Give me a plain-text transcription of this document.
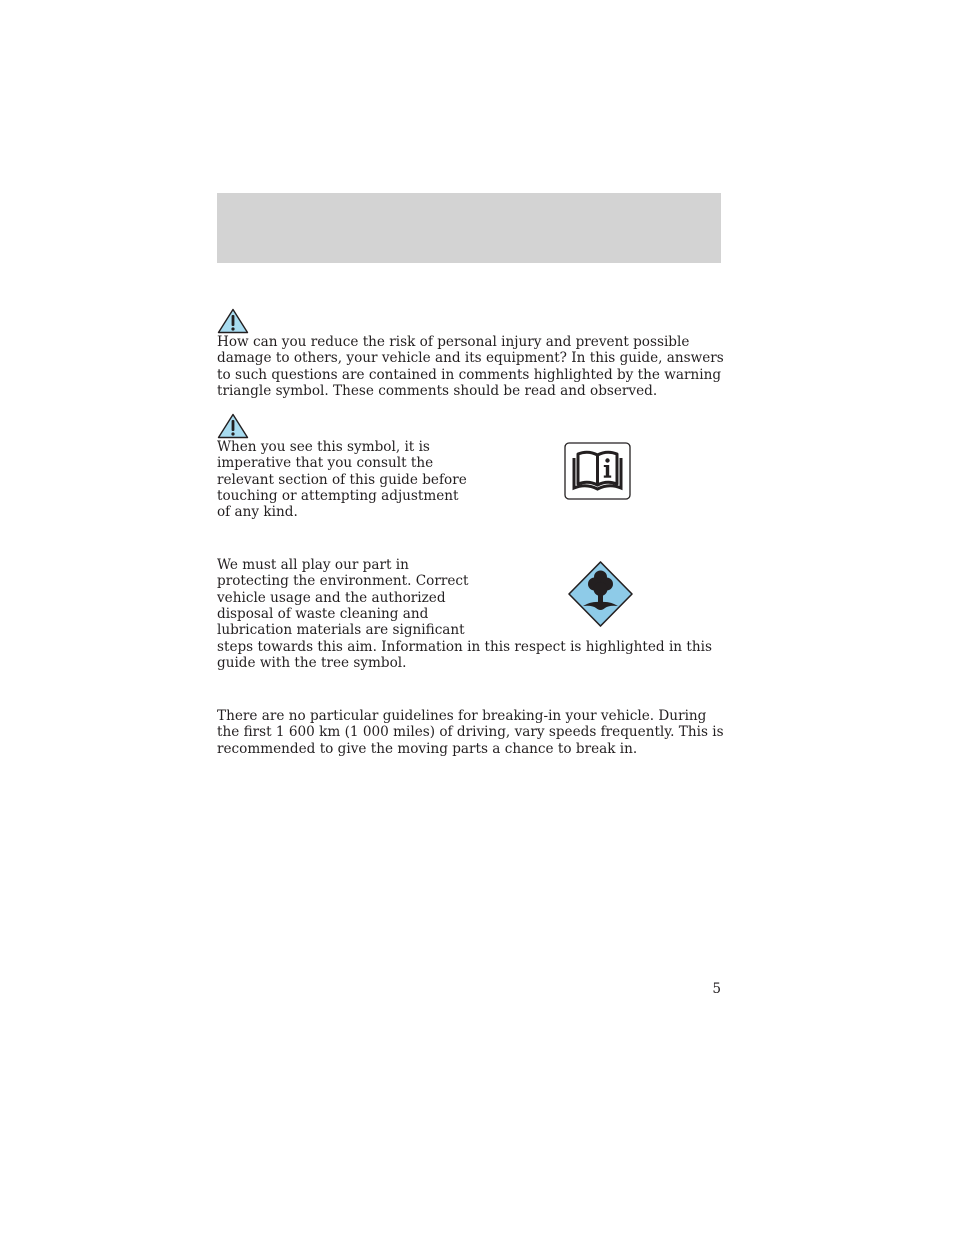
How can you reduce the risk of personal injury and prevent possible

damage to others, your vehicle and its equipment? In this guide, answers

to such questions are contained in comments highlighted by the warning

triangle symbol. These comments should be read and observed.

When you see this symbol, it is

imperative that you consult the

relevant section of this guide before

touching or attempting adjustment

of any kind.

We must all play our part in

protecting the environment. Correct

vehicle usage and the authorized

disposal of waste cleaning and

lubrication materials are significant

steps towards this aim. Information in this respect is highlighted in this

guide with the tree symbol.

There are no particular guidelines for breaking-in your vehicle. During

the first 1 600 km (1 000 miles) of driving, vary speeds frequently. This is

recommended to give the moving parts a chance to break in.

5
